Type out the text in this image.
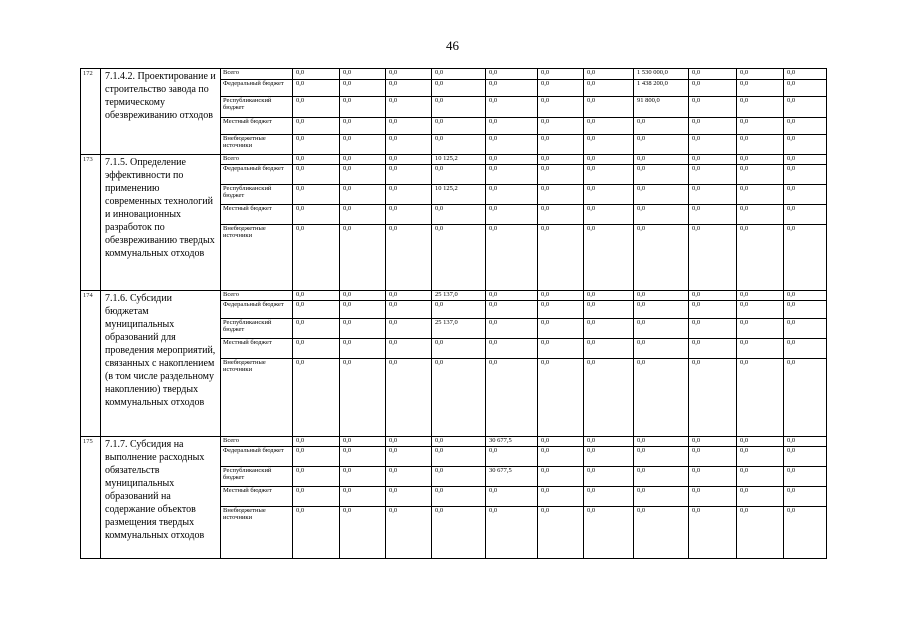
46
172	7.1.4.2. Проектирование и строительство завода по термическому обезвреживанию отходов	Всего	0,0	0,0	0,0	0,0	0,0	0,0	0,0	1 530 000,0	0,0	0,0	0,0
		Федеральный бюджет	0,0	0,0	0,0	0,0	0,0	0,0	0,0	1 438 200,0	0,0	0,0	0,0
		Республиканский бюджет	0,0	0,0	0,0	0,0	0,0	0,0	0,0	91 800,0	0,0	0,0	0,0
		Местный бюджет	0,0	0,0	0,0	0,0	0,0	0,0	0,0	0,0	0,0	0,0	0,0
		Внебюджетные источники	0,0	0,0	0,0	0,0	0,0	0,0	0,0	0,0	0,0	0,0	0,0
173	7.1.5. Определение эффективности по применению современных технологий и инновационных разработок по обезвреживанию твердых коммунальных отходов	Всего	0,0	0,0	0,0	10 125,2	0,0	0,0	0,0	0,0	0,0	0,0	0,0
		Федеральный бюджет	0,0	0,0	0,0	0,0	0,0	0,0	0,0	0,0	0,0	0,0	0,0
		Республиканский бюджет	0,0	0,0	0,0	10 125,2	0,0	0,0	0,0	0,0	0,0	0,0	0,0
		Местный бюджет	0,0	0,0	0,0	0,0	0,0	0,0	0,0	0,0	0,0	0,0	0,0
		Внебюджетные источники	0,0	0,0	0,0	0,0	0,0	0,0	0,0	0,0	0,0	0,0	0,0
174	7.1.6. Субсидии бюджетам муниципальных образований для проведения мероприятий, связанных с накоплением (в том числе раздельному накоплению) твердых коммунальных отходов	Всего	0,0	0,0	0,0	25 137,0	0,0	0,0	0,0	0,0	0,0	0,0	0,0
		Федеральный бюджет	0,0	0,0	0,0	0,0	0,0	0,0	0,0	0,0	0,0	0,0	0,0
		Республиканский бюджет	0,0	0,0	0,0	25 137,0	0,0	0,0	0,0	0,0	0,0	0,0	0,0
		Местный бюджет	0,0	0,0	0,0	0,0	0,0	0,0	0,0	0,0	0,0	0,0	0,0
		Внебюджетные источники	0,0	0,0	0,0	0,0	0,0	0,0	0,0	0,0	0,0	0,0	0,0
175	7.1.7. Субсидия на выполнение расходных обязательств муниципальных образований на содержание объектов размещения твердых коммунальных отходов	Всего	0,0	0,0	0,0	0,0	30 677,5	0,0	0,0	0,0	0,0	0,0	0,0
		Федеральный бюджет	0,0	0,0	0,0	0,0	0,0	0,0	0,0	0,0	0,0	0,0	0,0
		Республиканский бюджет	0,0	0,0	0,0	0,0	30 677,5	0,0	0,0	0,0	0,0	0,0	0,0
		Местный бюджет	0,0	0,0	0,0	0,0	0,0	0,0	0,0	0,0	0,0	0,0	0,0
		Внебюджетные источники	0,0	0,0	0,0	0,0	0,0	0,0	0,0	0,0	0,0	0,0	0,0
